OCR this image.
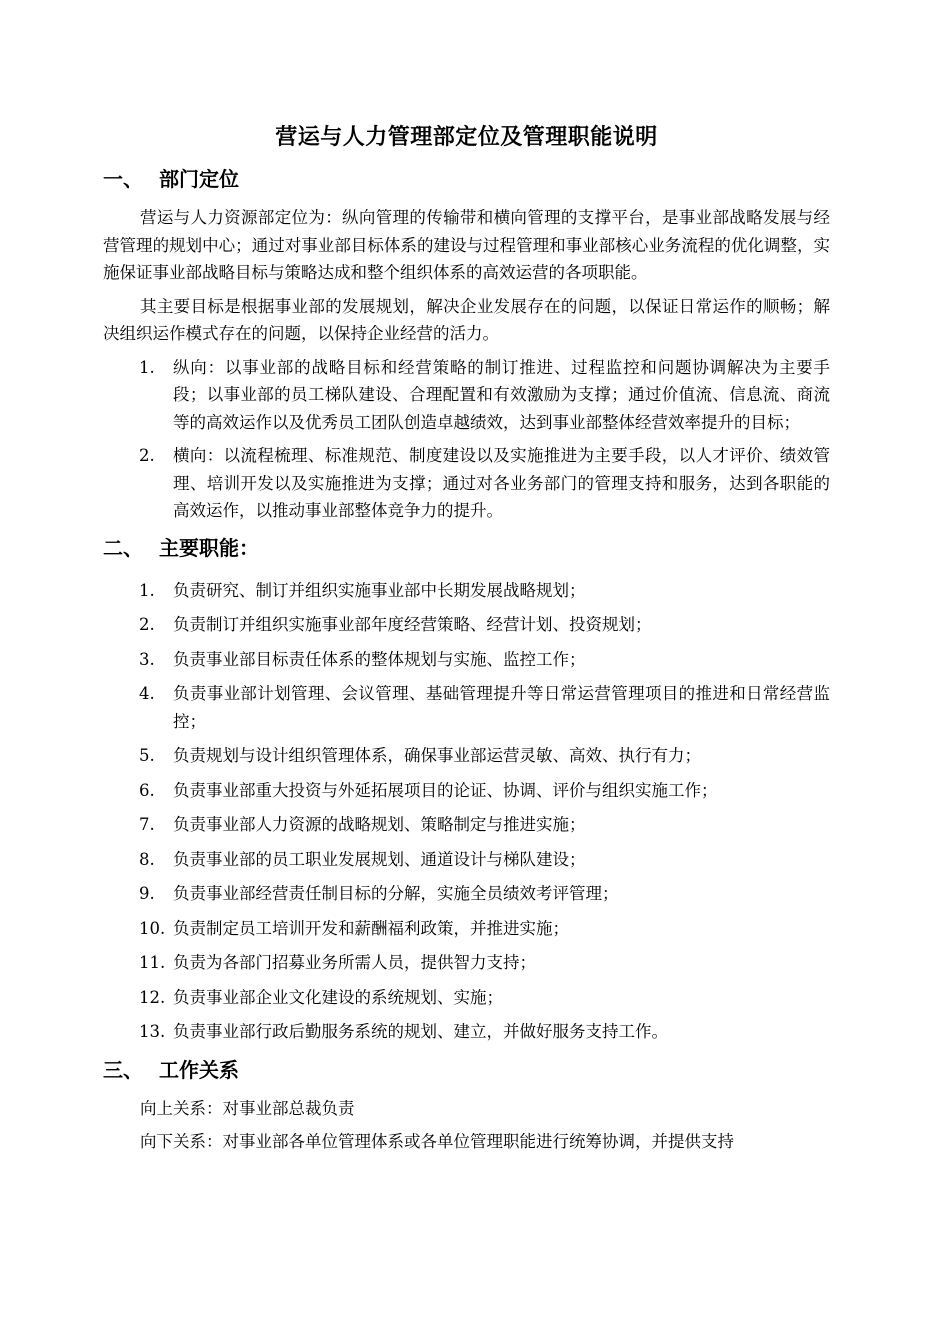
营运与人力管理部定位及管理职能说明
一、 部门定位

营运与人力资源部定位为：纵向管理的传输带和横向管理的支撑平台，是事业部战略发展与经营管理的规划中心；通过对事业部目标体系的建设与过程管理和事业部核心业务流程的优化调整，实施保证事业部战略目标与策略达成和整个组织体系的高效运营的各项职能。

其主要目标是根据事业部的发展规划，解决企业发展存在的问题，以保证日常运作的顺畅；解决组织运作模式存在的问题，以保持企业经营的活力。

1.	纵向：以事业部的战略目标和经营策略的制订推进、过程监控和问题协调解决为主要手段；以事业部的员工梯队建设、合理配置和有效激励为支撑；通过价值流、信息流、商流等的高效运作以及优秀员工团队创造卓越绩效，达到事业部整体经营效率提升的目标；
2.	横向：以流程梳理、标准规范、制度建设以及实施推进为主要手段，以人才评价、绩效管理、培训开发以及实施推进为支撑；通过对各业务部门的管理支持和服务，达到各职能的高效运作，以推动事业部整体竞争力的提升。
二、 主要职能：
1.	负责研究、制订并组织实施事业部中长期发展战略规划；
2.	负责制订并组织实施事业部年度经营策略、经营计划、投资规划；
3.	负责事业部目标责任体系的整体规划与实施、监控工作；
4.	负责事业部计划管理、会议管理、基础管理提升等日常运营管理项目的推进和日常经营监控；
5.	负责规划与设计组织管理体系，确保事业部运营灵敏、高效、执行有力；
6.	负责事业部重大投资与外延拓展项目的论证、协调、评价与组织实施工作；
7.	负责事业部人力资源的战略规划、策略制定与推进实施；
8.	负责事业部的员工职业发展规划、通道设计与梯队建设；
9.	负责事业部经营责任制目标的分解，实施全员绩效考评管理；
10. 负责制定员工培训开发和薪酬福利政策，并推进实施；
11. 负责为各部门招募业务所需人员，提供智力支持；
12. 负责事业部企业文化建设的系统规划、实施；
13. 负责事业部行政后勤服务系统的规划、建立，并做好服务支持工作。
三、 工作关系

向上关系：对事业部总裁负责

向下关系：对事业部各单位管理体系或各单位管理职能进行统筹协调，并提供支持
